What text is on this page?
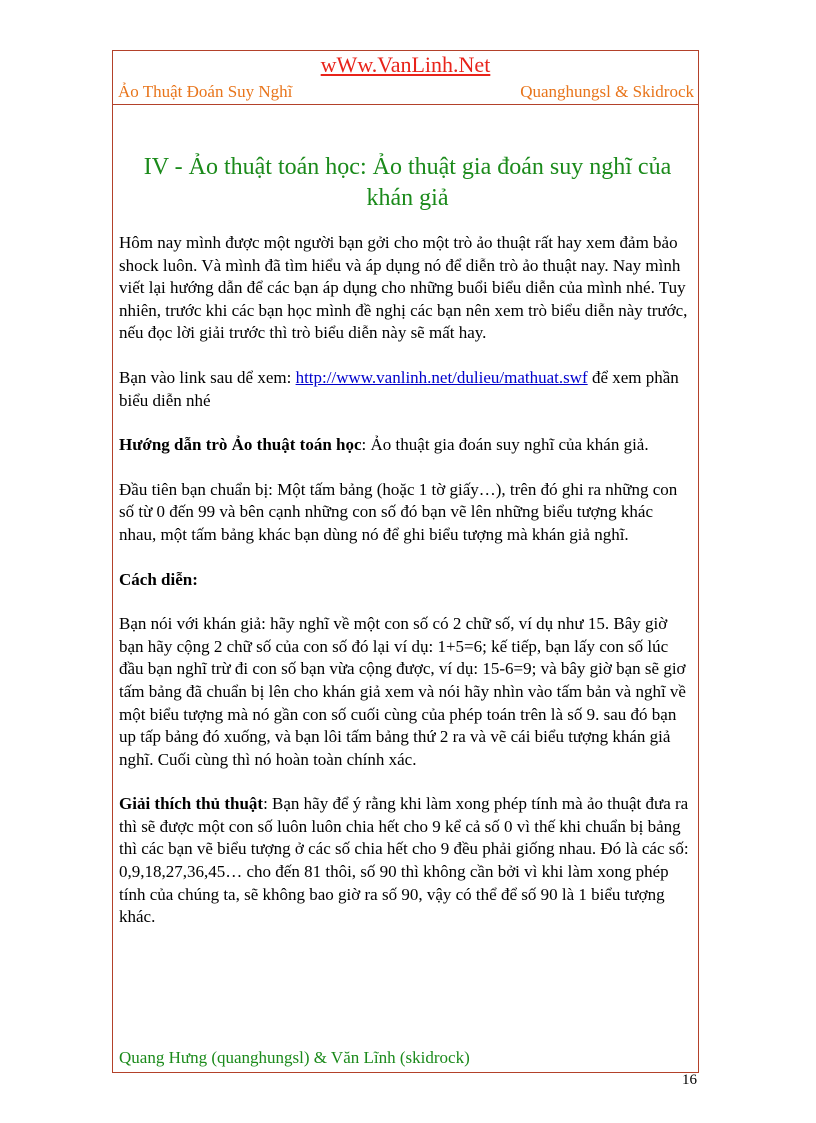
wWw.VanLinh.Net
Ảo Thuật Đoán Suy Nghĩ	Quanghungsl & Skidrock
IV - Ảo thuật toán học: Ảo thuật gia đoán suy nghĩ của khán giả

Hôm nay mình được một người bạn gởi cho một trò ảo thuật rất hay xem đảm bảo shock luôn. Và mình đã tìm hiểu và áp dụng nó để diễn trò ảo thuật nay. Nay mình viết lại hướng dẫn để các bạn áp dụng cho những buổi biểu diễn của mình nhé. Tuy nhiên, trước khi các bạn học mình đề nghị các bạn nên xem trò biểu diễn này trước, nếu đọc lời giải trước thì trò biểu diễn này sẽ mất hay.

Bạn vào link sau dể xem: http://www.vanlinh.net/dulieu/mathuat.swf để xem phần biểu diễn nhé

Hướng dẫn trò Ảo thuật toán học: Ảo thuật gia đoán suy nghĩ của khán giả.

Đầu tiên bạn chuẩn bị: Một tấm bảng (hoặc 1 tờ giấy…), trên đó ghi ra những con số từ 0 đến 99 và bên cạnh những con số đó bạn vẽ lên những biểu tượng khác nhau, một tấm bảng khác bạn dùng nó để ghi biểu tượng mà khán giả nghĩ.

Cách diễn:

Bạn nói với khán giả: hãy nghĩ về một con số có 2 chữ số, ví dụ như 15. Bây giờ bạn hãy cộng 2 chữ số của con số đó lại ví dụ: 1+5=6; kế tiếp, bạn lấy con số lúc đầu bạn nghĩ trừ đi con số bạn vừa cộng được, ví dụ: 15-6=9; và bây giờ bạn sẽ giơ tấm bảng đã chuẩn bị lên cho khán giả xem và nói hãy nhìn vào tấm bản và nghĩ về một biểu tượng mà nó gần con số cuối cùng của phép toán trên là số 9. sau đó bạn up tấp bảng đó xuống, và bạn lôi tấm bảng thứ 2 ra và vẽ cái biểu tượng khán giả nghĩ. Cuối cùng thì nó hoàn toàn chính xác.

Giải thích thủ thuật: Bạn hãy để ý rằng khi làm xong phép tính mà ảo thuật đưa ra thì sẽ được một con số luôn luôn chia hết cho 9 kể cả số 0 vì thế khi chuẩn bị bảng thì các bạn vẽ biểu tượng ở các số chia hết cho 9 đều phải giống nhau. Đó là các số: 0,9,18,27,36,45… cho đến 81 thôi, số 90 thì không cần bởi vì khi làm xong phép tính của chúng ta, sẽ không bao giờ ra số 90, vậy có thể để số 90 là 1 biểu tượng khác.

Quang Hưng (quanghungsl) & Văn Lĩnh (skidrock)
16
